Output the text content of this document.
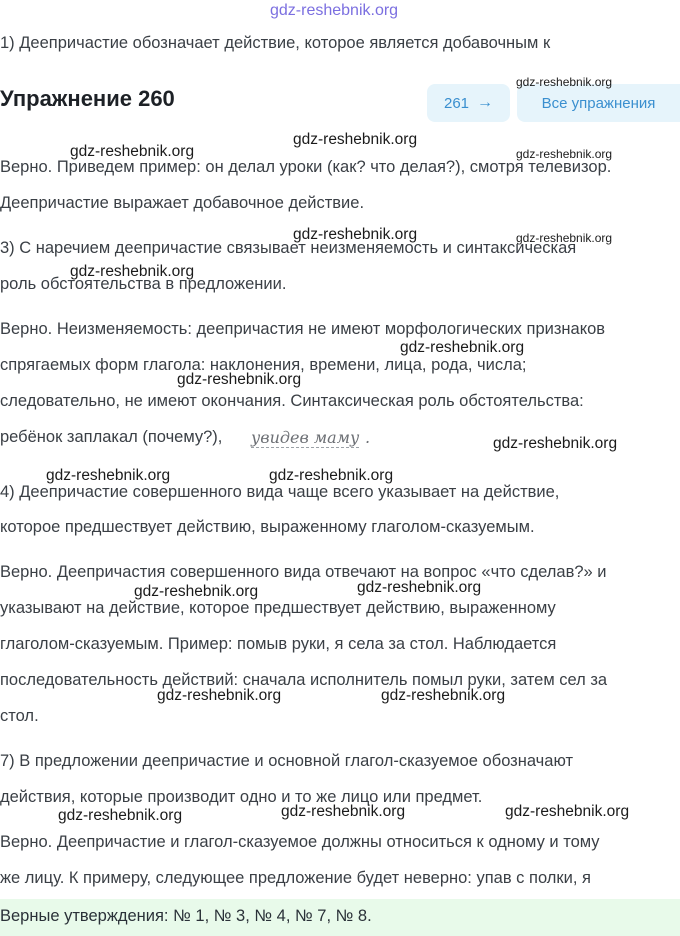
gdz-reshebnik.org
1) Деепричастие обозначает действие, которое является добавочным к
Упражнение 260	261 →	Все упражнения
Верно. Приведем пример: он делал уроки (как? что делая?), смотря телевизор.
Деепричастие выражает добавочное действие.
3) С наречием деепричастие связывает неизменяемость и синтаксическая
роль обстоятельства в предложении.
Верно. Неизменяемость: деепричастия не имеют морфологических признаков
спрягаемых форм глагола: наклонения, времени, лица, рода, числа;
следовательно, не имеют окончания. Синтаксическая роль обстоятельства:
ребёнок заплакал (почему?), увидев маму .
4) Деепричастие совершенного вида чаще всего указывает на действие,
которое предшествует действию, выраженному глаголом-сказуемым.
Верно. Деепричастия совершенного вида отвечают на вопрос «что сделав?» и
указывают на действие, которое предшествует действию, выраженному
глаголом-сказуемым. Пример: помыв руки, я села за стол. Наблюдается
последовательность действий: сначала исполнитель помыл руки, затем сел за
стол.
7) В предложении деепричастие и основной глагол-сказуемое обозначают
действия, которые производит одно и то же лицо или предмет.
Верно. Деепричастие и глагол-сказуемое должны относиться к одному и тому
же лицу. К примеру, следующее предложение будет неверно: упав с полки, я
Верные утверждения: № 1, № 3, № 4, № 7, № 8.
gdz-reshebnik.org
gdz-reshebnik.org
gdz-reshebnik.org	gdz-reshebnik.org
gdz-reshebnik.org	gdz-reshebnik.org
gdz-reshebnik.org
gdz-reshebnik.org
gdz-reshebnik.org
gdz-reshebnik.org
gdz-reshebnik.org	gdz-reshebnik.org
gdz-reshebnik.org
gdz-reshebnik.org
gdz-reshebnik.org	gdz-reshebnik.org
gdz-reshebnik.org	gdz-reshebnik.org
gdz-reshebnik.org
